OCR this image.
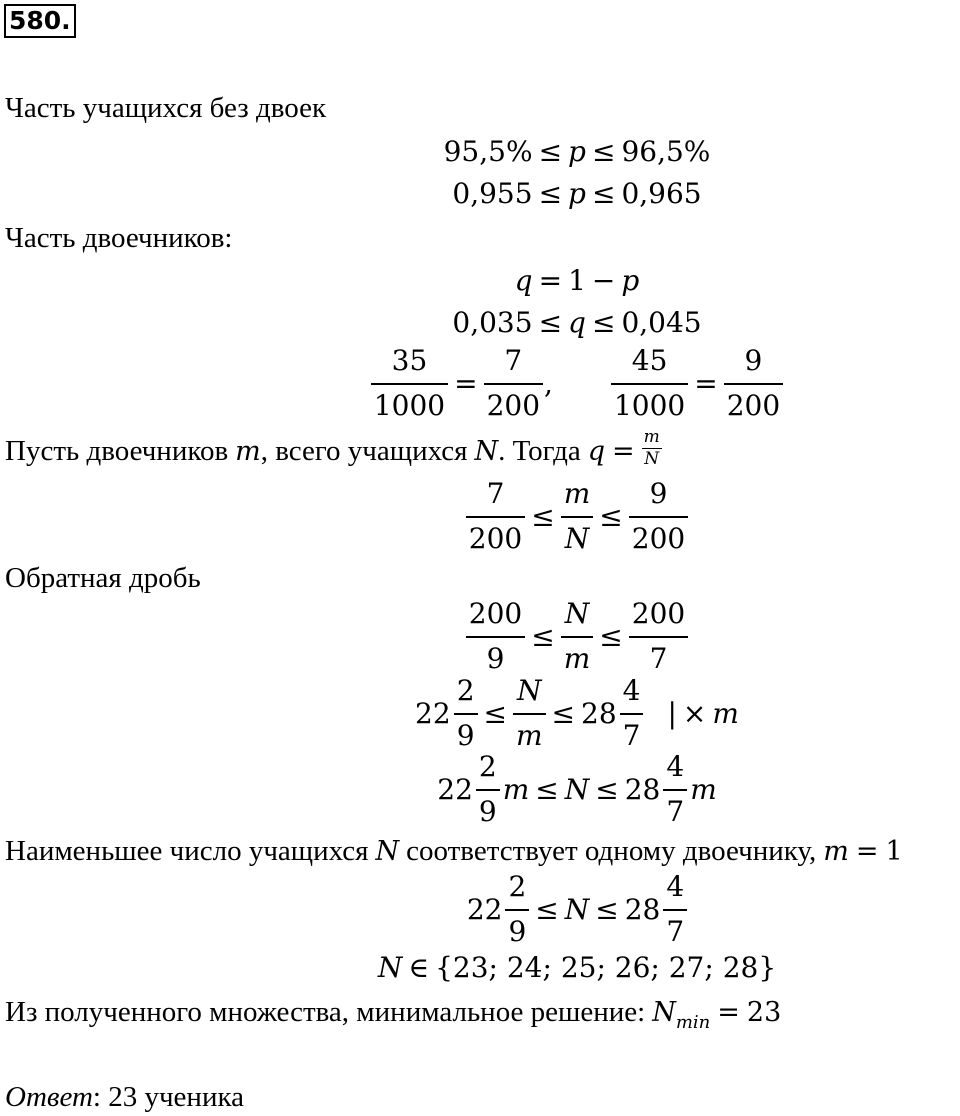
580.
Часть учащихся без двоек
95,5% ≤ p ≤ 96,5%
0,955 ≤ p ≤ 0,965
Часть двоечников:
q = 1 − p
0,035 ≤ q ≤ 0,045
$\frac{35}{1000} = \frac{7}{200}$ , $\frac{45}{1000} = \frac{9}{200}$
Пусть двоечников m, всего учащихся N. Тогда $q = \frac{m}{N}$
$\frac{7}{200} \le \frac{m}{N} \le \frac{9}{200}$
Обратная дробь
$\frac{200}{9} \le \frac{N}{m} \le \frac{200}{7}$
$22 \frac{2}{9} \le \frac{N}{m} \le 28 \frac{4}{7}$ | × m
$22 \frac{2}{9}$ $m \le N \le 28 \frac{4}{7}$ m
Наименьшее число учащихся N соответствует одному двоечнику, m = 1
$22 \frac{2}{9} \le N \le 28 \frac{4}{7}$
N ∈ {23; 24; 25; 26; 27; 28}
Из полученного множества, минимальное решение: $N_{min} = 23$
Ответ: 23 ученика
